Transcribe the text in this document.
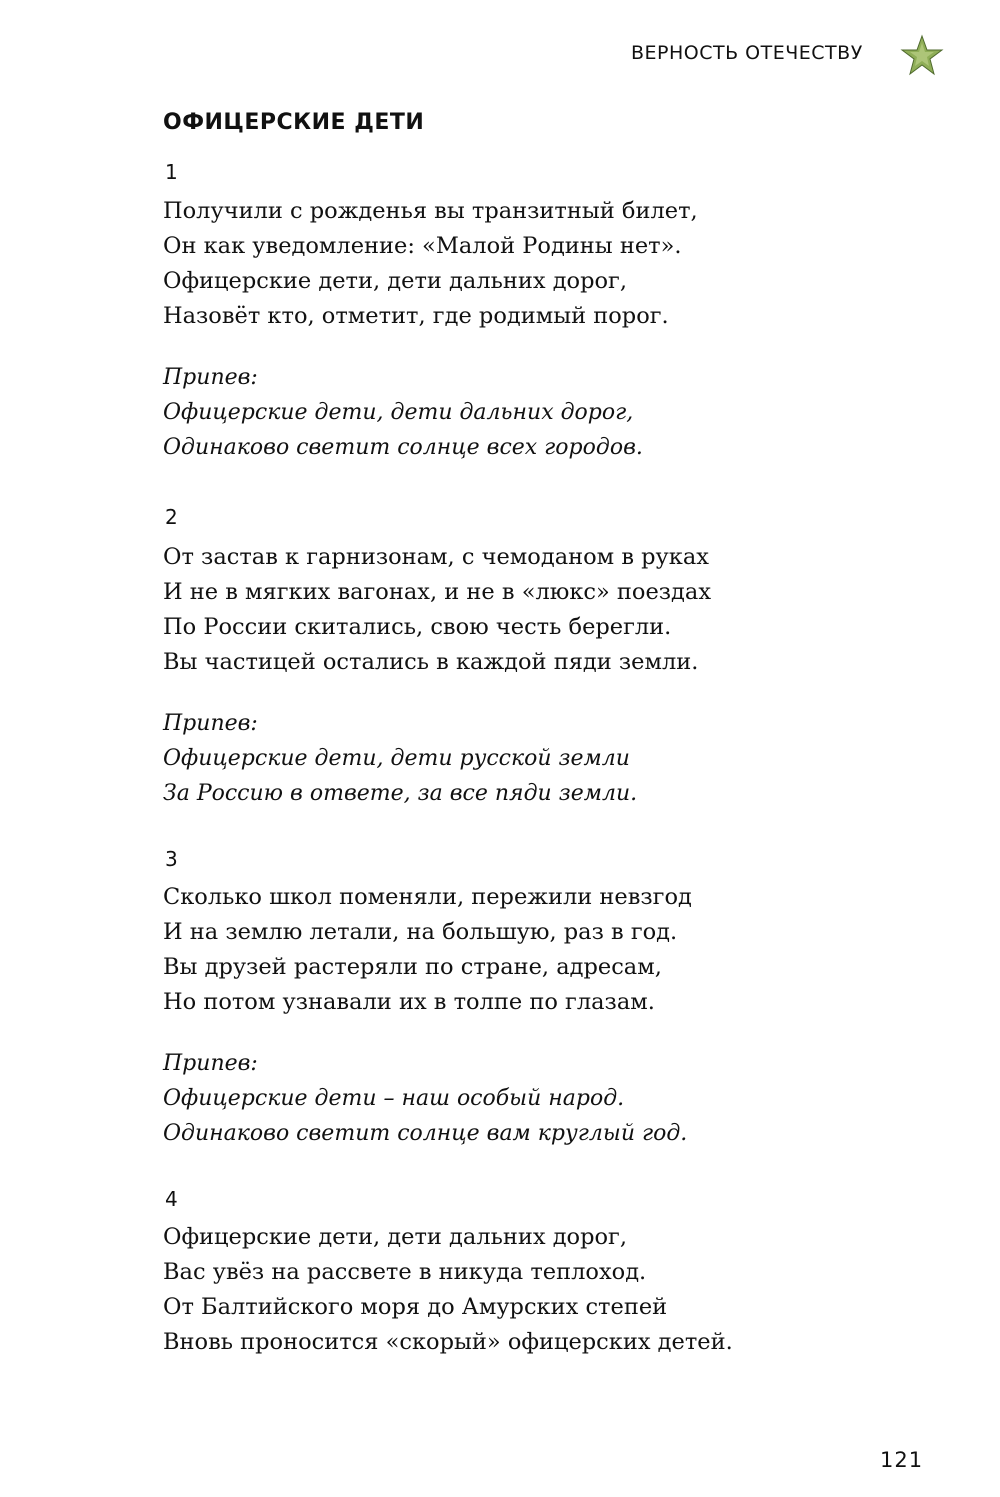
ВЕРНОСТЬ ОТЕЧЕСТВУ
ОФИЦЕРСКИЕ ДЕТИ
1
Получили с рожденья вы транзитный билет,
Он как уведомление: «Малой Родины нет».
Офицерские дети, дети дальних дорог,
Назовёт кто, отметит, где родимый порог.
Припев:
Офицерские дети, дети дальних дорог,
Одинаково светит солнце всех городов.
2
От застав к гарнизонам, с чемоданом в руках
И не в мягких вагонах, и не в «люкс» поездах
По России скитались, свою честь берегли.
Вы частицей остались в каждой пяди земли.
Припев:
Офицерские дети, дети русской земли
За Россию в ответе, за все пяди земли.
3
Сколько школ поменяли, пережили невзгод
И на землю летали, на большую, раз в год.
Вы друзей растеряли по стране, адресам,
Но потом узнавали их в толпе по глазам.
Припев:
Офицерские дети – наш особый народ.
Одинаково светит солнце вам круглый год.
4
Офицерские дети, дети дальних дорог,
Вас увёз на рассвете в никуда теплоход.
От Балтийского моря до Амурских степей
Вновь проносится «скорый» офицерских детей.
121
